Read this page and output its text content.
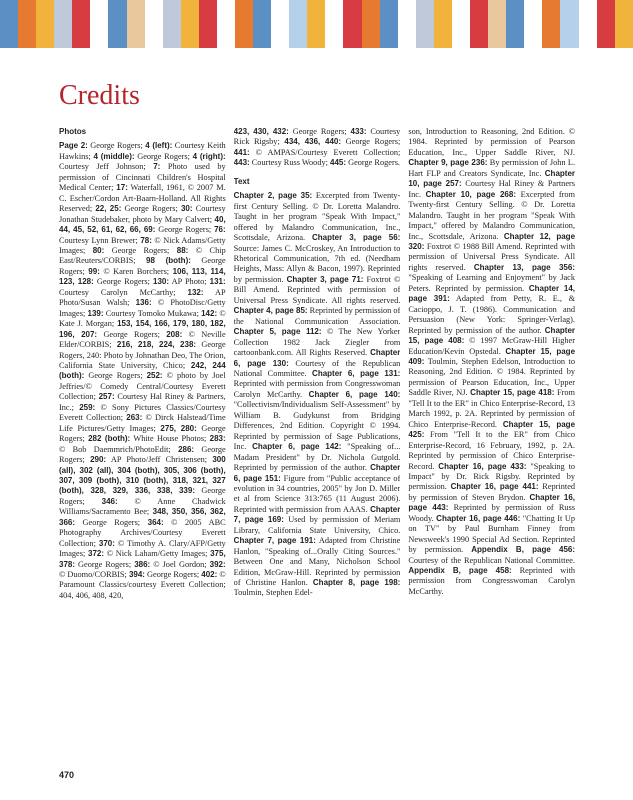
Credits
Photos

Page 2: George Rogers; 4 (left): Courtesy Keith Hawkins; 4 (middle): George Rogers; 4 (right): Courtesy Jeff Johnson; 7: Photo used by permission of Cincinnati Children's Hospital Medical Center; 17: Waterfall, 1961, © 2007 M. C. Escher/Cordon Art-Baarn-Holland. All Rights Reserved; 22, 25: George Rogers; 30: Courtesy Jonathan Studebaker, photo by Mary Calvert; 40, 44, 45, 52, 61, 62, 66, 69: George Rogers; 76: Courtesy Lynn Brewer; 78: © Nick Adams/Getty Images; 80: George Rogers; 88: © Chip East/Reuters/CORBIS; 98 (both): George Rogers; 99: © Karen Borchers; 106, 113, 114, 123, 128: George Rogers; 130: AP Photo; 131: Courtesy Carolyn McCarthy; 132: AP Photo/Susan Walsh; 136: © PhotoDisc/Getty Images; 139: Courtesy Tomoko Mukawa; 142: © Kate J. Morgan; 153, 154, 166, 179, 180, 182, 196, 207: George Rogers; 208: © Neville Elder/CORBIS; 216, 218, 224, 238: George Rogers, 240: Photo by Johnathan Deo, The Orion, California State University, Chico; 242, 244 (both): George Rogers; 252: © photo by Joel Jeffries/© Comedy Central/Courtesy Everett Collection; 257: Courtesy Hal Riney & Partners, Inc.; 259: © Sony Pictures Classics/Courtesy Everett Collection; 263: © Dirck Halstead/Time Life Pictures/Getty Images; 275, 280: George Rogers; 282 (both): White House Photos; 283: © Bob Daemmrich/PhotoEdit; 286: George Rogers; 290: AP Photo/Jeff Christensen; 300 (all), 302 (all), 304 (both), 305, 306 (both), 307, 309 (both), 310 (both), 318, 321, 327 (both), 328, 329, 336, 338, 339: George Rogers; 346: © Anne Chadwick Williams/Sacramento Bee; 348, 350, 356, 362, 366: George Rogers; 364: © 2005 ABC Photography Archives/Courtesy Everett Collection; 370: © Timothy A. Clary/AFP/Getty Images; 372: © Nick Laham/Getty Images; 375, 378: George Rogers; 386: © Joel Gordon; 392: © Duomo/CORBIS; 394: George Rogers; 402: © Paramount Classics/courtesy Everett Collection; 404, 406, 408, 420,

423, 430, 432: George Rogers; 433: Courtesy Rick Rigsby; 434, 436, 440: George Rogers; 441: © AMPAS/Courtesy Everett Collection; 443: Courtesy Russ Woody; 445: George Rogers.

Text

Chapter 2, page 35: Excerpted from Twenty-first Century Selling. © Dr. Loretta Malandro. Taught in her program "Speak With Impact," offered by Malandro Communication, Inc., Scottsdale, Arizona. Chapter 3, page 56: Source: James C. McCroskey, An Introduction to Rhetorical Communication, 7th ed. (Needham Heights, Mass: Allyn & Bacon, 1997). Reprinted by permission. Chapter 3, page 71: Foxtrot © Bill Amend. Reprinted with permission of Universal Press Syndicate. All rights reserved. Chapter 4, page 85: Reprinted by permission of the National Communication Association. Chapter 5, page 112: © The New Yorker Collection 1982 Jack Ziegler from cartoonbank.com. All Rights Reserved. Chapter 6, page 130: Courtesy of the Republican National Committee. Chapter 6, page 131: Reprinted with permission from Congresswoman Carolyn McCarthy. Chapter 6, page 140: "Collectivism/Individualism Self-Assessment" by William B. Gudykunst from Bridging Differences, 2nd Edition. Copyright © 1994. Reprinted by permission of Sage Publications, Inc. Chapter 6, page 142: "Speaking of... Madam President" by Dr. Nichola Gutgold. Reprinted by permission of the author. Chapter 6, page 151: Figure from "Public acceptance of evolution in 34 countries, 2005" by Jon D. Miller et al from Science 313:765 (11 August 2006). Reprinted with permission from AAAS. Chapter 7, page 169: Used by permission of Meriam Library, California State University, Chico. Chapter 7, page 191: Adapted from Christine Hanlon, "Speaking of...Orally Citing Sources." Between One and Many, Nicholson School Edition, McGraw-Hill. Reprinted by permission of Christine Hanlon. Chapter 8, page 198: Toulmin, Stephen Edel-

son, Introduction to Reasoning, 2nd Edition. © 1984. Reprinted by permission of Pearson Education, Inc., Upper Saddle River, NJ. Chapter 9, page 236: By permission of John L. Hart FLP and Creators Syndicate, Inc. Chapter 10, page 257: Courtesy Hal Riney & Partners Inc. Chapter 10, page 268: Excerpted from Twenty-first Century Selling. © Dr. Loretta Malandro. Taught in her program "Speak With Impact," offered by Malandro Communication, Inc., Scottsdale, Arizona. Chapter 12, page 320: Foxtrot © 1988 Bill Amend. Reprinted with permission of Universal Press Syndicate. All rights reserved. Chapter 13, page 356: "Speaking of Learning and Enjoyment" by Jack Peters. Reprinted by permission. Chapter 14, page 391: Adapted from Petty, R. E., & Cacioppo, J. T. (1986). Communication and Persuasion (New York: Springer-Verlag). Reprinted by permission of the author. Chapter 15, page 408: © 1997 McGraw-Hill Higher Education/Kevin Opstedal. Chapter 15, page 409: Toulmin, Stephen Edelson, Introduction to Reasoning, 2nd Edition. © 1984. Reprinted by permission of Pearson Education, Inc., Upper Saddle River, NJ. Chapter 15, page 418: From "Tell It to the ER" in Chico Enterprise-Record, 13 March 1992, p. 2A. Reprinted by permission of Chico Enterprise-Record. Chapter 15, page 425: From "Tell It to the ER" from Chico Enterprise-Record, 16 February, 1992, p. 2A. Reprinted by permission of Chico Enterprise-Record. Chapter 16, page 433: "Speaking to Impact" by Dr. Rick Rigsby. Reprinted by permission. Chapter 16, page 441: Reprinted by permission of Steven Brydon. Chapter 16, page 443: Reprinted by permission of Russ Woody. Chapter 16, page 446: "Chatting It Up on TV" by Paul Burnham Finney from Newsweek's 1990 Special Ad Section. Reprinted by permission. Appendix B, page 456: Courtesy of the Republican National Committee. Appendix B, page 458: Reprinted with permission from Congresswoman Carolyn McCarthy.

470
